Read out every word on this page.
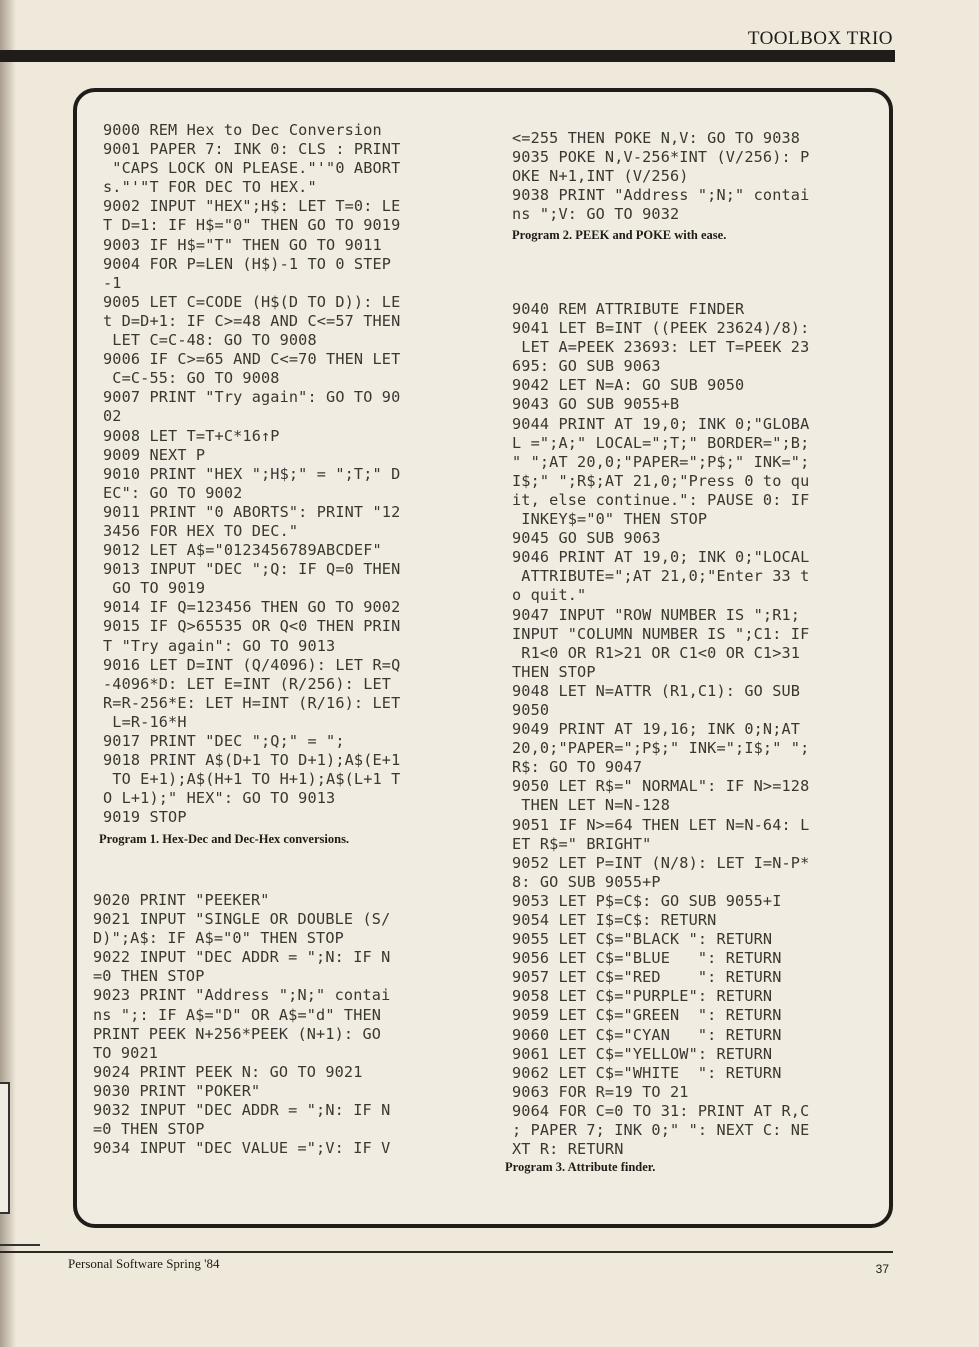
TOOLBOX TRIO
9000 REM Hex to Dec Conversion
9001 PAPER 7: INK 0: CLS : PRINT
"CAPS LOCK ON PLEASE."'"0 ABORT
s."'"T FOR DEC TO HEX."
9002 INPUT "HEX";H$: LET T=0: LE
T D=1: IF H$="0" THEN GO TO 9019
9003 IF H$="T" THEN GO TO 9011
9004 FOR P=LEN (H$)-1 TO 0 STEP
-1
9005 LET C=CODE (H$(D TO D)): LE
t D=D+1: IF C>=48 AND C<=57 THEN
LET C=C-48: GO TO 9008
9006 IF C>=65 AND C<=70 THEN LET
C=C-55: GO TO 9008
9007 PRINT "Try again": GO TO 90
02
9008 LET T=T+C*16↑P
9009 NEXT P
9010 PRINT "HEX ";H$;" = ";T;" D
EC": GO TO 9002
9011 PRINT "0 ABORTS": PRINT "12
3456 FOR HEX TO DEC."
9012 LET A$="0123456789ABCDEF"
9013 INPUT "DEC ";Q: IF Q=0 THEN
GO TO 9019
9014 IF Q=123456 THEN GO TO 9002
9015 IF Q>65535 OR Q<0 THEN PRIN
T "Try again": GO TO 9013
9016 LET D=INT (Q/4096): LET R=Q
-4096*D: LET E=INT (R/256): LET
R=R-256*E: LET H=INT (R/16): LET
L=R-16*H
9017 PRINT "DEC ";Q;" = ";
9018 PRINT A$(D+1 TO D+1);A$(E+1
TO E+1);A$(H+1 TO H+1);A$(L+1 T
O L+1);" HEX": GO TO 9013
9019 STOP
Program 1. Hex-Dec and Dec-Hex conversions.
9020 PRINT "PEEKER"
9021 INPUT "SINGLE OR DOUBLE (S/
D)";A$: IF A$="0" THEN STOP
9022 INPUT "DEC ADDR = ";N: IF N
=0 THEN STOP
9023 PRINT "Address ";N;" contai
ns ";: IF A$="D" OR A$="d" THEN
PRINT PEEK N+256*PEEK (N+1): GO
TO 9021
9024 PRINT PEEK N: GO TO 9021
9030 PRINT "POKER"
9032 INPUT "DEC ADDR = ";N: IF N
=0 THEN STOP
9034 INPUT "DEC VALUE =";V: IF V
<=255 THEN POKE N,V: GO TO 9038
9035 POKE N,V-256*INT (V/256): P
OKE N+1,INT (V/256)
9038 PRINT "Address ";N;" contai
ns ";V: GO TO 9032
Program 2. PEEK and POKE with ease.
9040 REM ATTRIBUTE FINDER
9041 LET B=INT ((PEEK 23624)/8):
LET A=PEEK 23693: LET T=PEEK 23
695: GO SUB 9063
9042 LET N=A: GO SUB 9050
9043 GO SUB 9055+B
9044 PRINT AT 19,0; INK 0;"GLOBA
L =";A;" LOCAL=";T;" BORDER=";B;
" ";AT 20,0;"PAPER=";P$;" INK=";
I$;" ";R$;AT 21,0;"Press 0 to qu
it, else continue.": PAUSE 0: IF
INKEY$="0" THEN STOP
9045 GO SUB 9063
9046 PRINT AT 19,0; INK 0;"LOCAL
ATTRIBUTE=";AT 21,0;"Enter 33 t
o quit."
9047 INPUT "ROW NUMBER IS ";R1;
INPUT "COLUMN NUMBER IS ";C1: IF
R1<0 OR R1>21 OR C1<0 OR C1>31
THEN STOP
9048 LET N=ATTR (R1,C1): GO SUB
9050
9049 PRINT AT 19,16; INK 0;N;AT
20,0;"PAPER=";P$;" INK=";I$;" ";
R$: GO TO 9047
9050 LET R$=" NORMAL": IF N>=128
THEN LET N=N-128
9051 IF N>=64 THEN LET N=N-64: L
ET R$=" BRIGHT"
9052 LET P=INT (N/8): LET I=N-P*
8: GO SUB 9055+P
9053 LET P$=C$: GO SUB 9055+I
9054 LET I$=C$: RETURN
9055 LET C$="BLACK ": RETURN
9056 LET C$="BLUE   ": RETURN
9057 LET C$="RED    ": RETURN
9058 LET C$="PURPLE": RETURN
9059 LET C$="GREEN  ": RETURN
9060 LET C$="CYAN   ": RETURN
9061 LET C$="YELLOW": RETURN
9062 LET C$="WHITE  ": RETURN
9063 FOR R=19 TO 21
9064 FOR C=0 TO 31: PRINT AT R,C
; PAPER 7; INK 0;" ": NEXT C: NE
XT R: RETURN
Program 3. Attribute finder.
Personal Software Spring '84	37
